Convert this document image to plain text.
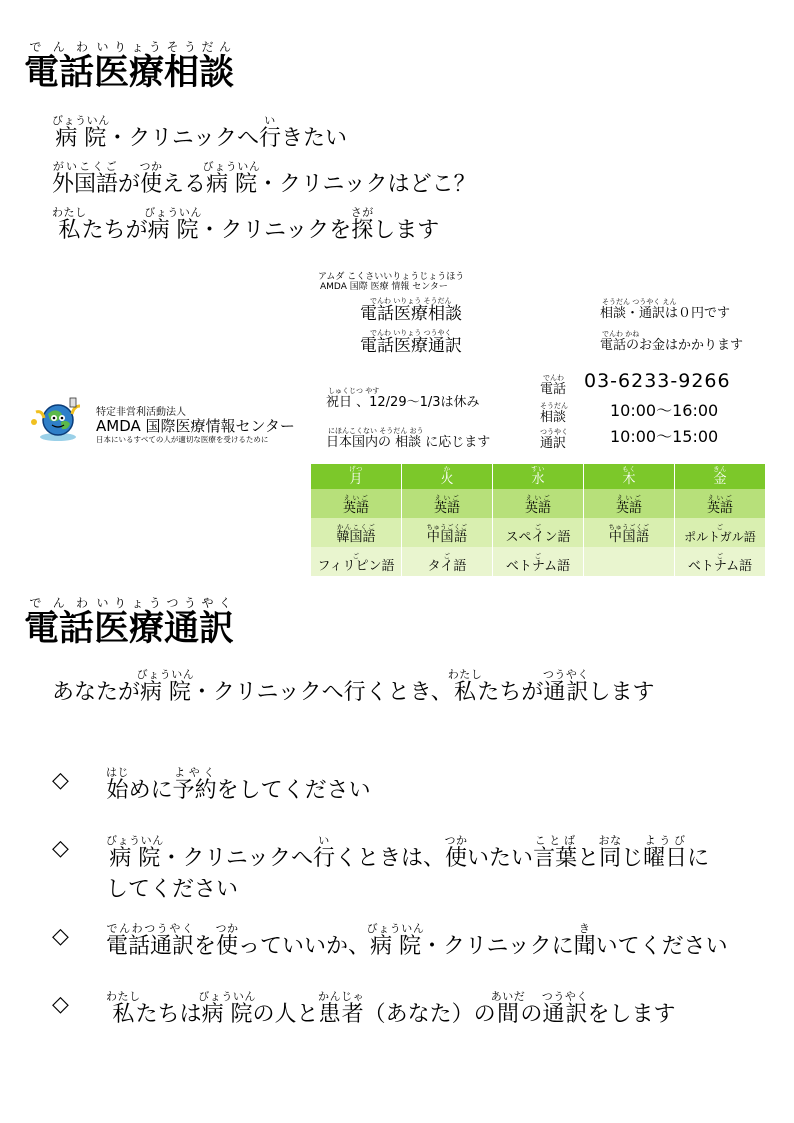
電話でんわ医療いりょう相談そうだん
病院びょういん・クリニックへ行いきたい
外国語がいこくごが使つかえる病院びょういん・クリニックはどこ？
私わたしたちが病院びょういん・クリニックを探さがします
アムダ こくさいいりょうじょうほう
AMDA 国際 医療 情報 センター
でんわ いりょう そうだん
電話医療相談
でんわ いりょう つうやく
電話医療通訳
そうだん つうやく えん
相談・通訳は０円です
でんわ かね
電話のお金はかかります
しゅくじつ やす
祝日 、12/29～1/3は休み
にほんこくない そうだん おう
日本国内の 相談 に応じます
でんわ
電話 03-6233-9266
そうだん
相談	10:00～16:00
つうやく
通訳	10:00～15:00
特定非営利活動法人
AMDA 国際医療情報センター
日本にいるすべての人が適切な医療を受けるために
月げつ	火か	水すい	木もく	金きん
英語えいご	英語えいご	英語えいご	英語えいご	英語えいご
韓国語かんこくご	中国語ちゅうごくご	スペイン語ご	中国語ちゅうごくご	ポルトガル語ご
フィリピン語ご	タイ語ご	ベトナム語ご		ベトナム語ご
電話でんわ医療いりょう通つう訳やく
あなたが病院びょういん・クリニックへ行くとき、私わたしたちが通訳つうやくします
◇ 始はじめに予約よやくをしてください
◇ 病院びょういん・クリニックへ行いくときは、使つかいたい言葉ことばと同おなじ曜日ようびに
してください
◇ 電話通訳でんわつうやくを使つかっていいか、病院びょういん・クリニックに聞きいてください
◇ 私わたしたちは病院びょういんの人と患者かんじゃ（あなた）の間あいだの通訳つうやくをします
